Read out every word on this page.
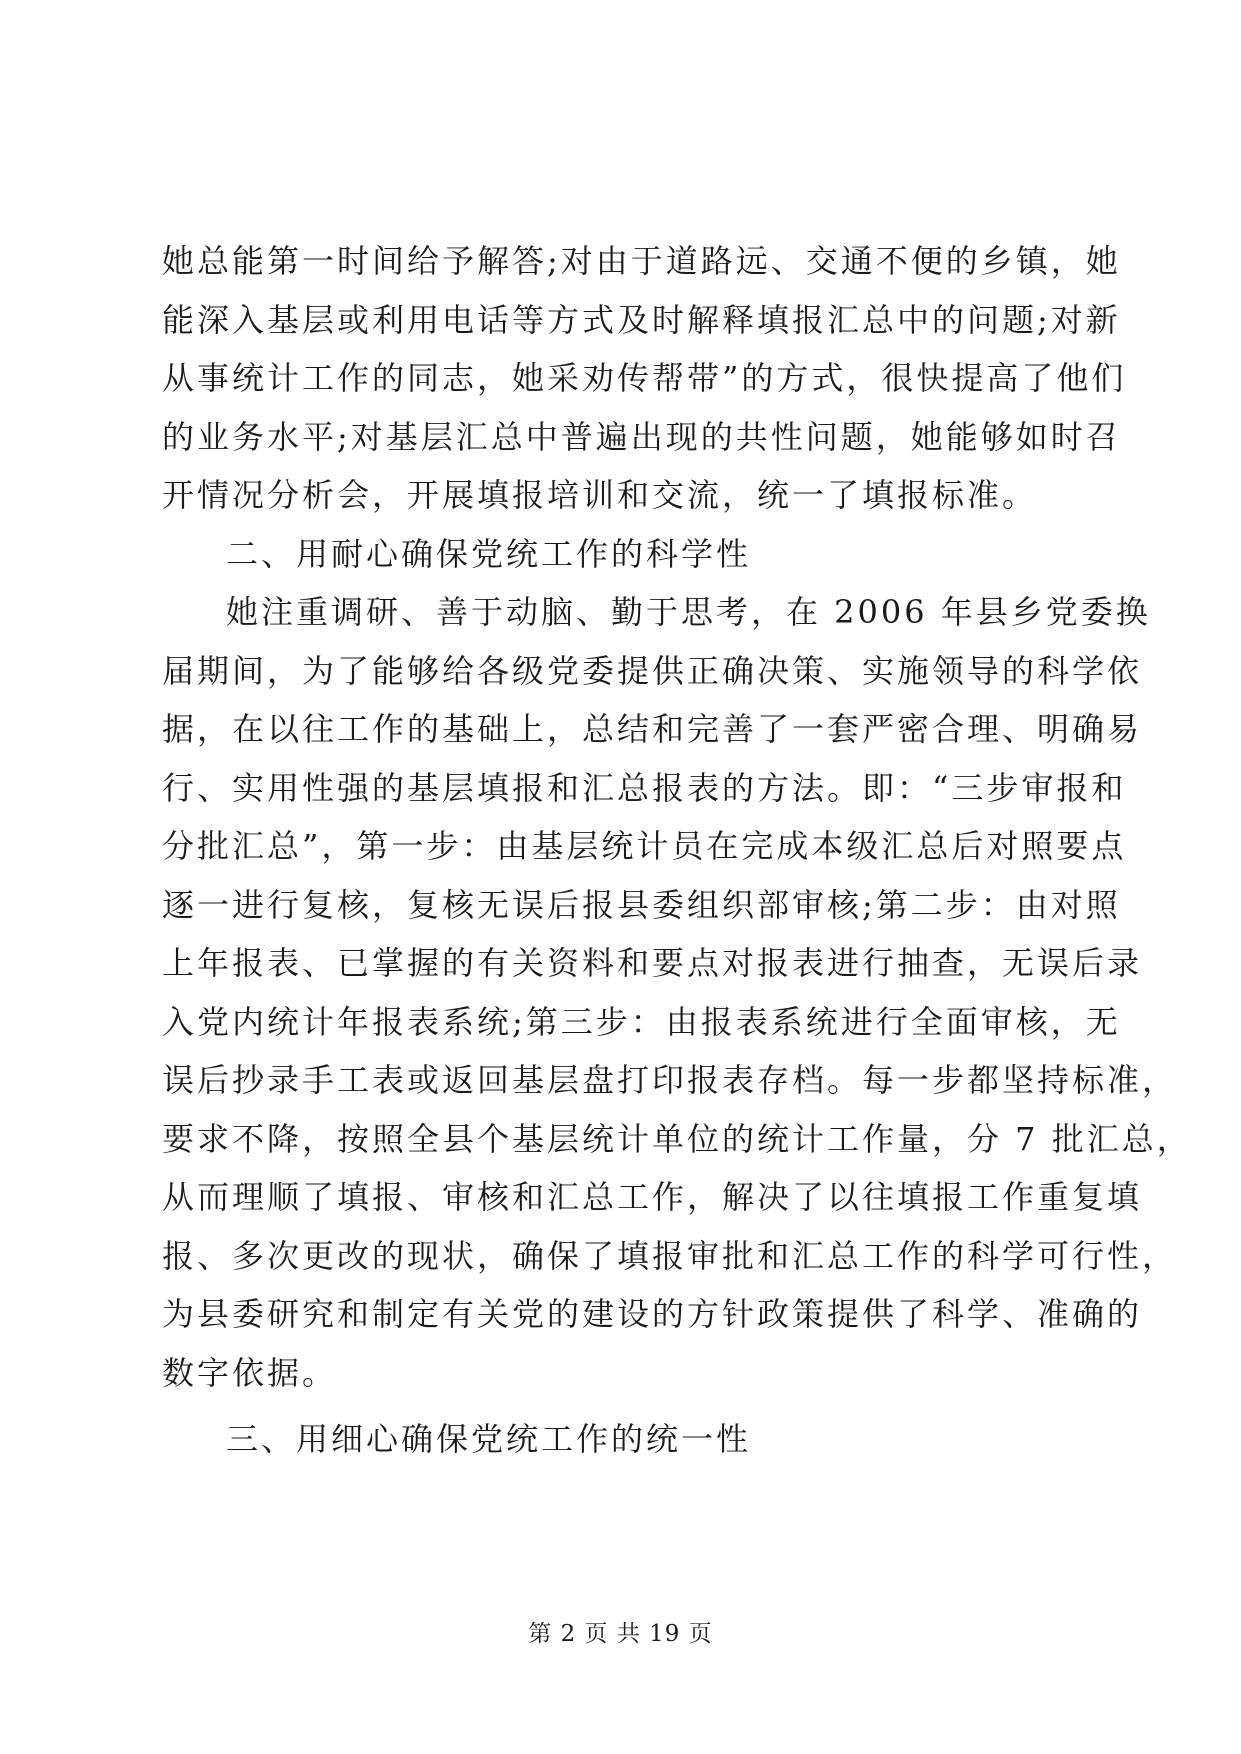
她总能第一时间给予解答;对由于道路远、交通不便的乡镇，她
能深入基层或利用电话等方式及时解释填报汇总中的问题;对新
从事统计工作的同志，她采劝传帮带”的方式，很快提高了他们
的业务水平;对基层汇总中普遍出现的共性问题，她能够如时召
开情况分析会，开展填报培训和交流，统一了填报标准。
二、用耐心确保党统工作的科学性
她注重调研、善于动脑、勤于思考，在 2006 年县乡党委换
届期间，为了能够给各级党委提供正确决策、实施领导的科学依
据，在以往工作的基础上，总结和完善了一套严密合理、明确易
行、实用性强的基层填报和汇总报表的方法。即：“三步审报和
分批汇总”，第一步：由基层统计员在完成本级汇总后对照要点
逐一进行复核，复核无误后报县委组织部审核;第二步：由对照
上年报表、已掌握的有关资料和要点对报表进行抽查，无误后录
入党内统计年报表系统;第三步：由报表系统进行全面审核，无
误后抄录手工表或返回基层盘打印报表存档。每一步都坚持标准，
要求不降，按照全县个基层统计单位的统计工作量，分 7 批汇总，
从而理顺了填报、审核和汇总工作，解决了以往填报工作重复填
报、多次更改的现状，确保了填报审批和汇总工作的科学可行性，
为县委研究和制定有关党的建设的方针政策提供了科学、准确的
数字依据。
三、用细心确保党统工作的统一性
第 2 页 共 19 页
